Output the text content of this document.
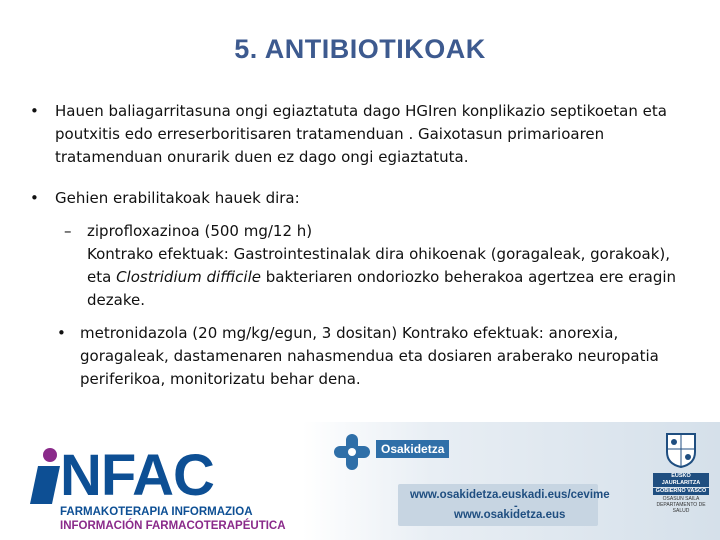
5. ANTIBIOTIKOAK
• Hauen baliagarritasuna ongi egiaztatuta dago HGIren konplikazio septikoetan eta poutxitis edo erreserboritisaren tratamenduan . Gaixotasun primarioaren tratamenduan onurarik duen ez dago ongi egiaztatuta.
• Gehien erabilitakoak hauek dira:
– ziprofloxazinoa (500 mg/12 h)
Kontrako efektuak: Gastrointestinalak dira ohikoenak (goragaleak, gorakoak), eta Clostridium difficile bakteriaren ondoriozko beherakoa agertzea ere eragin dezake.
• metronidazola (20 mg/kg/egun, 3 dositan) Kontrako efektuak: anorexia, goragaleak, dastamenaren nahasmendua eta dosiaren araberako neuropatia periferikoa, monitorizatu behar dena.
NFAC
FARMAKOTERAPIA INFORMAZIOA
INFORMACIÓN FARMACOTERAPÉUTICA
Osakidetza
EUSKO JAURLARITZA
GOBIERNO VASCO
OSASUN SAILA
DEPARTAMENTO DE SALUD
www.osakidetza.euskadi.eus/cevime
-
www.osakidetza.eus
